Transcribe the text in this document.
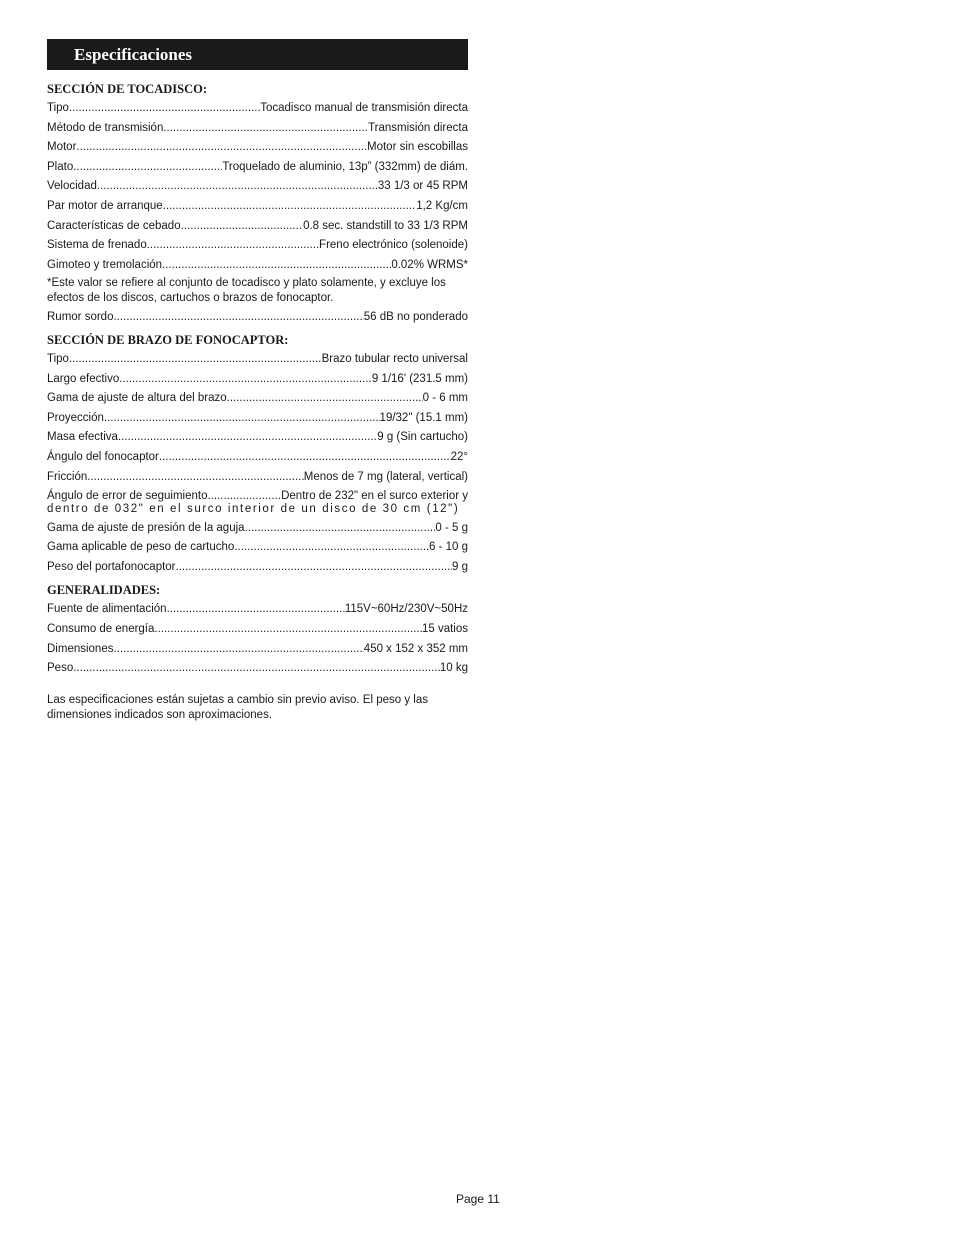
Especificaciones
SECCIÓN DE TOCADISCO:
Tipo .....	Tocadisco manual de transmisión directa
Método de transmisión .....	Transmisión directa
Motor .....	Motor sin escobillas
Plato .....	Troquelado de aluminio, 13p” (332mm) de diám.
Velocidad .....	33 1/3 or 45 RPM
Par motor de arranque .....	1,2 Kg/cm
Características de cebado .....	0.8 sec. standstill to 33 1/3 RPM
Sistema de frenado .....	Freno electrónico (solenoide)
Gimoteo y tremolación .....	0.02% WRMS*
*Este valor se refiere al conjunto de tocadisco y plato solamente, y excluye los efectos de los discos, cartuchos o brazos de fonocaptor.
Rumor sordo .....	56 dB no ponderado
SECCIÓN DE BRAZO DE FONOCAPTOR:
Tipo .....	Brazo tubular recto universal
Largo efectivo .....	9 1/16' (231.5 mm)
Gama de ajuste de altura del brazo .....	0 - 6 mm
Proyección .....	19/32" (15.1 mm)
Masa efectiva .....	9 g (Sin cartucho)
Ángulo del fonocaptor .....	22°
Fricción .....	Menos de 7 mg (lateral, vertical)
Ángulo de error de seguimiento .....	Dentro de 232" en el surco exterior y
dentro de 032" en el surco interior de un disco de 30 cm (12")
Gama de ajuste de presión de la aguja .....	0 - 5 g
Gama aplicable de peso de cartucho .....	6 - 10 g
Peso del portafonocaptor .....	9 g
GENERALIDADES:
Fuente de alimentación .....	115V~60Hz/230V~50Hz
Consumo de energía .....	15 vatios
Dimensiones .....	450 x 152 x 352 mm
Peso .....	10 kg
Las especificaciones están sujetas a cambio sin previo aviso. El peso y las dimensiones indicados son aproximaciones.
Page 11
